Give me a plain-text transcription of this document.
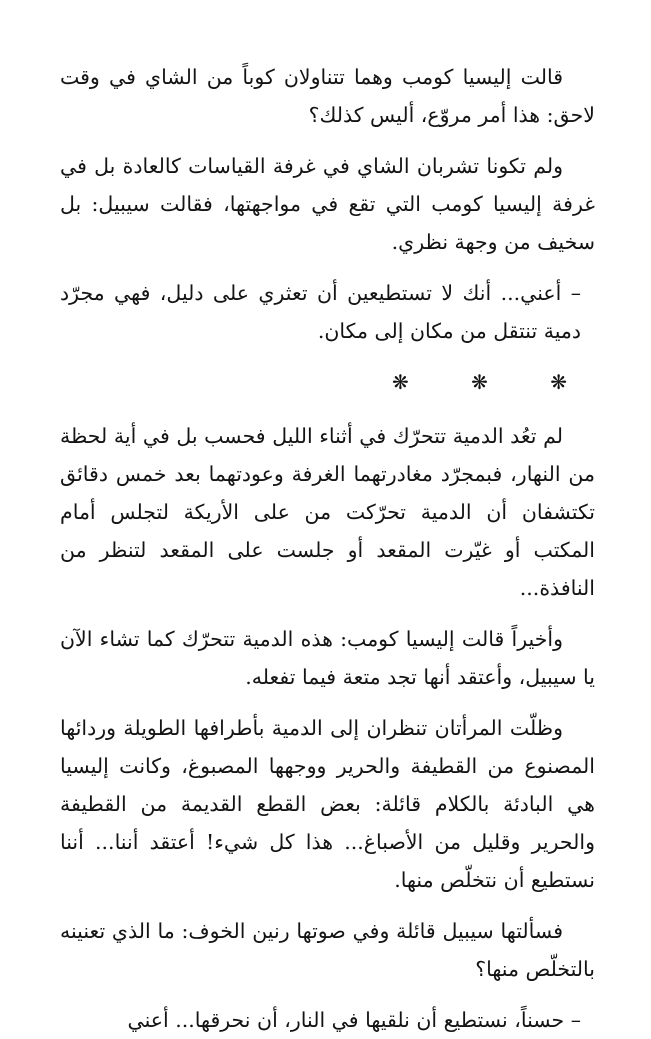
قالت إليسيا كومب وهما تتناولان كوباً من الشاي في وقت لاحق: هذا أمر مروّع، أليس كذلك؟

ولم تكونا تشربان الشاي في غرفة القياسات كالعادة بل في غرفة إليسيا كومب التي تقع في مواجهتها، فقالت سيبيل: بل سخيف من وجهة نظري.

– أعني... أنك لا تستطيعين أن تعثري على دليل، فهي مجرّد دمية تنتقل من مكان إلى مكان.

❋ ❋ ❋

لم تعُد الدمية تتحرّك في أثناء الليل فحسب بل في أية لحظة من النهار، فبمجرّد مغادرتهما الغرفة وعودتهما بعد خمس دقائق تكتشفان أن الدمية تحرّكت من على الأريكة لتجلس أمام المكتب أو غيّرت المقعد أو جلست على المقعد لتنظر من النافذة...

وأخيراً قالت إليسيا كومب: هذه الدمية تتحرّك كما تشاء الآن يا سيبيل، وأعتقد أنها تجد متعة فيما تفعله.

وظلّت المرأتان تنظران إلى الدمية بأطرافها الطويلة وردائها المصنوع من القطيفة والحرير ووجهها المصبوغ، وكانت إليسيا هي البادئة بالكلام قائلة: بعض القطع القديمة من القطيفة والحرير وقليل من الأصباغ... هذا كل شيء! أعتقد أننا... أننا نستطيع أن نتخلّص منها.

فسألتها سيبيل قائلة وفي صوتها رنين الخوف: ما الذي تعنينه بالتخلّص منها؟

– حسناً، نستطيع أن نلقيها في النار، أن نحرقها... أعني
